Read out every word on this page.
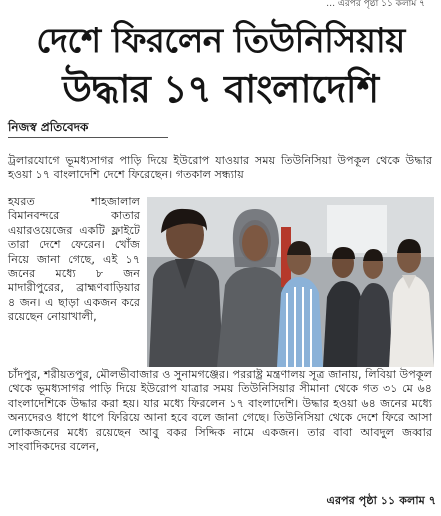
… এরপর পৃষ্ঠা ১১ কলাম ৭
দেশে ফিরলেন তিউনিসিয়ায়
উদ্ধার ১৭ বাংলাদেশি
নিজস্ব প্রতিবেদক
ট্রলারযোগে ভূমধ্যসাগর পাড়ি দিয়ে ইউরোপ যাওয়ার সময় তিউনিসিয়া উপকূল থেকে উদ্ধার হওয়া ১৭ বাংলাদেশি দেশে ফিরেছেন। গতকাল সন্ধ্যায়
হযরত শাহজালাল বিমানবন্দরে কাতার এয়ারওয়েজের একটি ফ্লাইটে তারা দেশে ফেরেন। খোঁজ নিয়ে জানা গেছে, এই ১৭ জনের মধ্যে ৮ জন মাদারীপুরের, ব্রাহ্মণবাড়িয়ার ৪ জন। এ ছাড়া একজন করে রয়েছেন নোয়াখালী,
চাঁদপুর, শরীয়তপুর, মৌলভীবাজার ও সুনামগঞ্জের। পররাষ্ট্র মন্ত্রণালয় সূত্র জানায়, লিবিয়া উপকূল থেকে ভূমধ্যসাগর পাড়ি দিয়ে ইউরোপ যাত্রার সময় তিউনিসিয়ার সীমানা থেকে গত ৩১ মে ৬৪ বাংলাদেশিকে উদ্ধার করা হয়। যার মধ্যে ফিরলেন ১৭ বাংলাদেশি। উদ্ধার হওয়া ৬৪ জনের মধ্যে অন্যদেরও ধাপে ধাপে ফিরিয়ে আনা হবে বলে জানা গেছে। তিউনিসিয়া থেকে দেশে ফিরে আসা লোকজনের মধ্যে রয়েছেন আবু বকর সিদ্দিক নামে একজন। তার বাবা আবদুল জব্বার সাংবাদিকদের বলেন,
এরপর পৃষ্ঠা ১১ কলাম ৭
